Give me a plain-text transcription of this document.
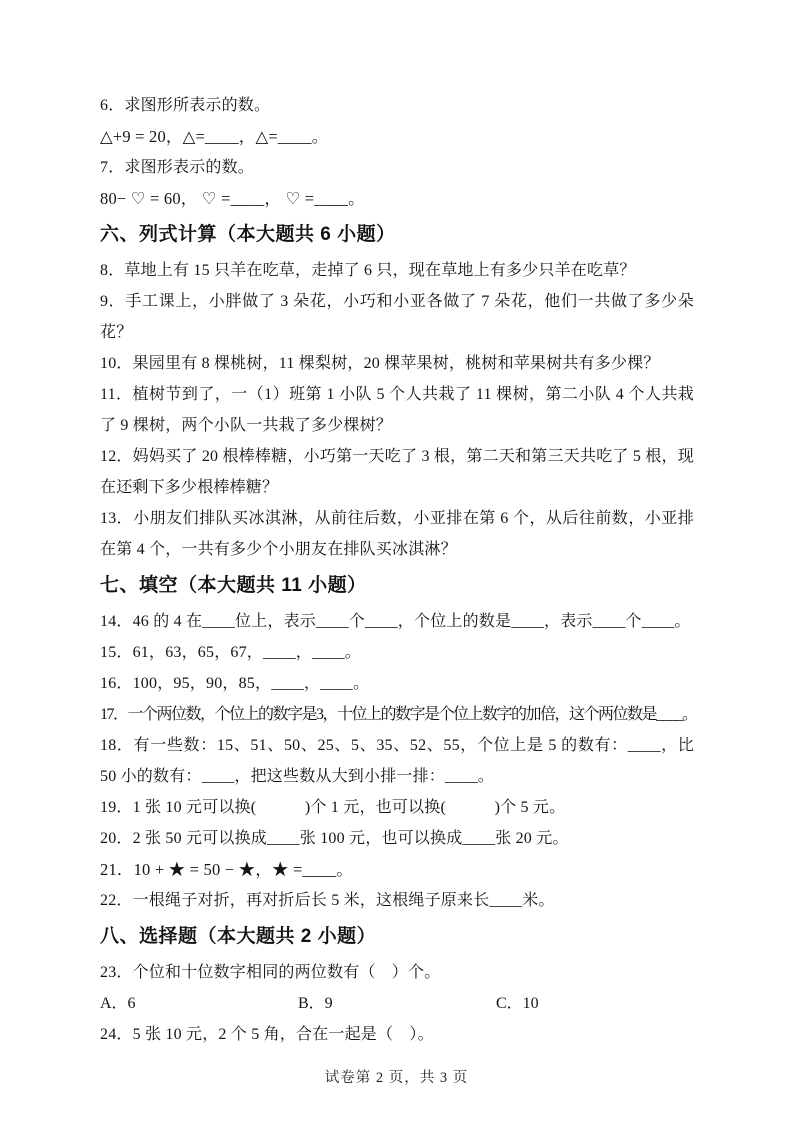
6．求图形所表示的数。

△+9 = 20，△=____，△=____。

7．求图形表示的数。

80− ♡ = 60， ♡ =____， ♡ =____。

六、列式计算（本大题共 6 小题）

8．草地上有 15 只羊在吃草，走掉了 6 只，现在草地上有多少只羊在吃草？

9．手工课上，小胖做了 3 朵花，小巧和小亚各做了 7 朵花，他们一共做了多少朵花？

10．果园里有 8 棵桃树，11 棵梨树，20 棵苹果树，桃树和苹果树共有多少棵？

11．植树节到了，一（1）班第 1 小队 5 个人共栽了 11 棵树，第二小队 4 个人共栽了 9 棵树，两个小队一共栽了多少棵树？

12．妈妈买了 20 根棒棒糖，小巧第一天吃了 3 根，第二天和第三天共吃了 5 根，现在还剩下多少根棒棒糖？

13．小朋友们排队买冰淇淋，从前往后数，小亚排在第 6 个，从后往前数，小亚排在第 4 个，一共有多少个小朋友在排队买冰淇淋？

七、填空（本大题共 11 小题）

14．46 的 4 在____位上，表示____个____，个位上的数是____，表示____个____。

15．61，63，65，67，____，____。

16．100，95，90，85，____，____。

17．一个两位数，个位上的数字是3，十位上的数字是个位上数字的加倍，这个两位数是____。

18．有一些数：15、51、50、25、5、35、52、55，个位上是 5 的数有：____，比 50 小的数有：____，把这些数从大到小排一排：____。

19．1 张 10 元可以换(　　　)个 1 元，也可以换(　　　)个 5 元。

20．2 张 50 元可以换成____张 100 元，也可以换成____张 20 元。

21．10 + ★ = 50 − ★，★ =____。

22．一根绳子对折，再对折后长 5 米，这根绳子原来长____米。

八、选择题（本大题共 2 小题）

23．个位和十位数字相同的两位数有（　）个。

A．6	B．9	C．10

24．5 张 10 元，2 个 5 角，合在一起是（　）。

试卷第 2 页，共 3 页
